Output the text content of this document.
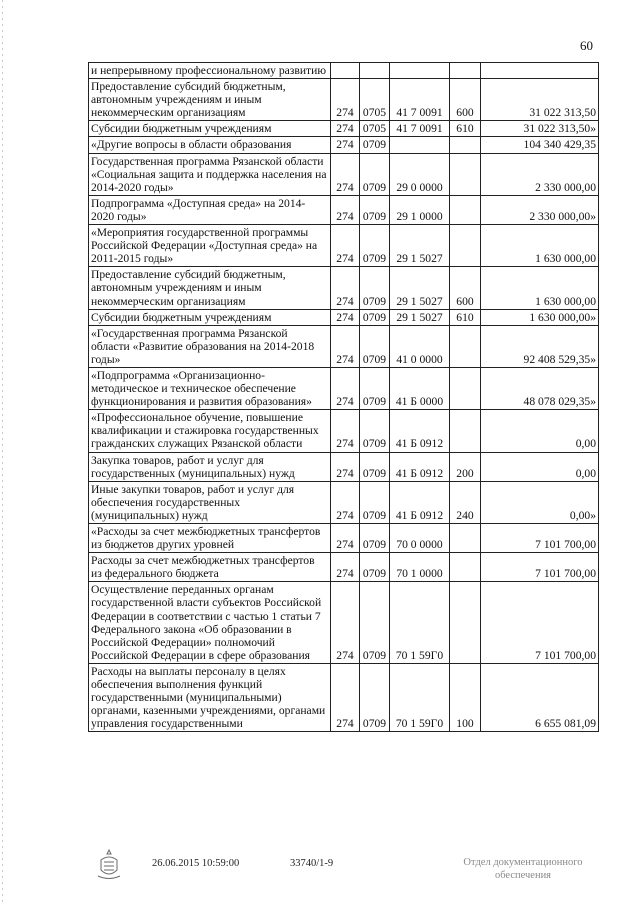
60
и непрерывному профессиональному развитию					
Предоставление субсидий бюджетным, автономным учреждениям и иным некоммерческим организациям	274	0705	41 7 0091	600	31 022 313,50
Субсидии бюджетным учреждениям	274	0705	41 7 0091	610	31 022 313,50»
«Другие вопросы в области образования	274	0709			104 340 429,35
Государственная программа Рязанской области «Социальная защита и поддержка населения на 2014-2020 годы»	274	0709	29 0 0000		2 330 000,00
Подпрограмма «Доступная среда» на 2014-2020 годы»	274	0709	29 1 0000		2 330 000,00»
«Мероприятия государственной программы Российской Федерации «Доступная среда» на 2011-2015 годы»	274	0709	29 1 5027		1 630 000,00
Предоставление субсидий бюджетным, автономным учреждениям и иным некоммерческим организациям	274	0709	29 1 5027	600	1 630 000,00
Субсидии бюджетным учреждениям	274	0709	29 1 5027	610	1 630 000,00»
«Государственная программа Рязанской области «Развитие образования на 2014-2018 годы»	274	0709	41 0 0000		92 408 529,35»
«Подпрограмма «Организационно-методическое и техническое обеспечение функционирования и развития образования»	274	0709	41 Б 0000		48 078 029,35»
«Профессиональное обучение, повышение квалификации и стажировка государственных гражданских служащих Рязанской области	274	0709	41 Б 0912		0,00
Закупка товаров, работ и услуг для государственных (муниципальных) нужд	274	0709	41 Б 0912	200	0,00
Иные закупки товаров, работ и услуг для обеспечения государственных (муниципальных) нужд	274	0709	41 Б 0912	240	0,00»
«Расходы за счет межбюджетных трансфертов из бюджетов других уровней	274	0709	70 0 0000		7 101 700,00
Расходы за счет межбюджетных трансфертов из федерального бюджета	274	0709	70 1 0000		7 101 700,00
Осуществление переданных органам государственной власти субъектов Российской Федерации в соответствии с частью 1 статьи 7 Федерального закона «Об образовании в Российской Федерации» полномочий Российской Федерации в сфере образования	274	0709	70 1 59Г0		7 101 700,00
Расходы на выплаты персоналу в целях обеспечения выполнения функций государственными (муниципальными) органами, казенными учреждениями, органами управления государственными	274	0709	70 1 59Г0	100	6 655 081,09
26.06.2015 10:59:00	33740/1-9	Отдел документационного
обеспечения
